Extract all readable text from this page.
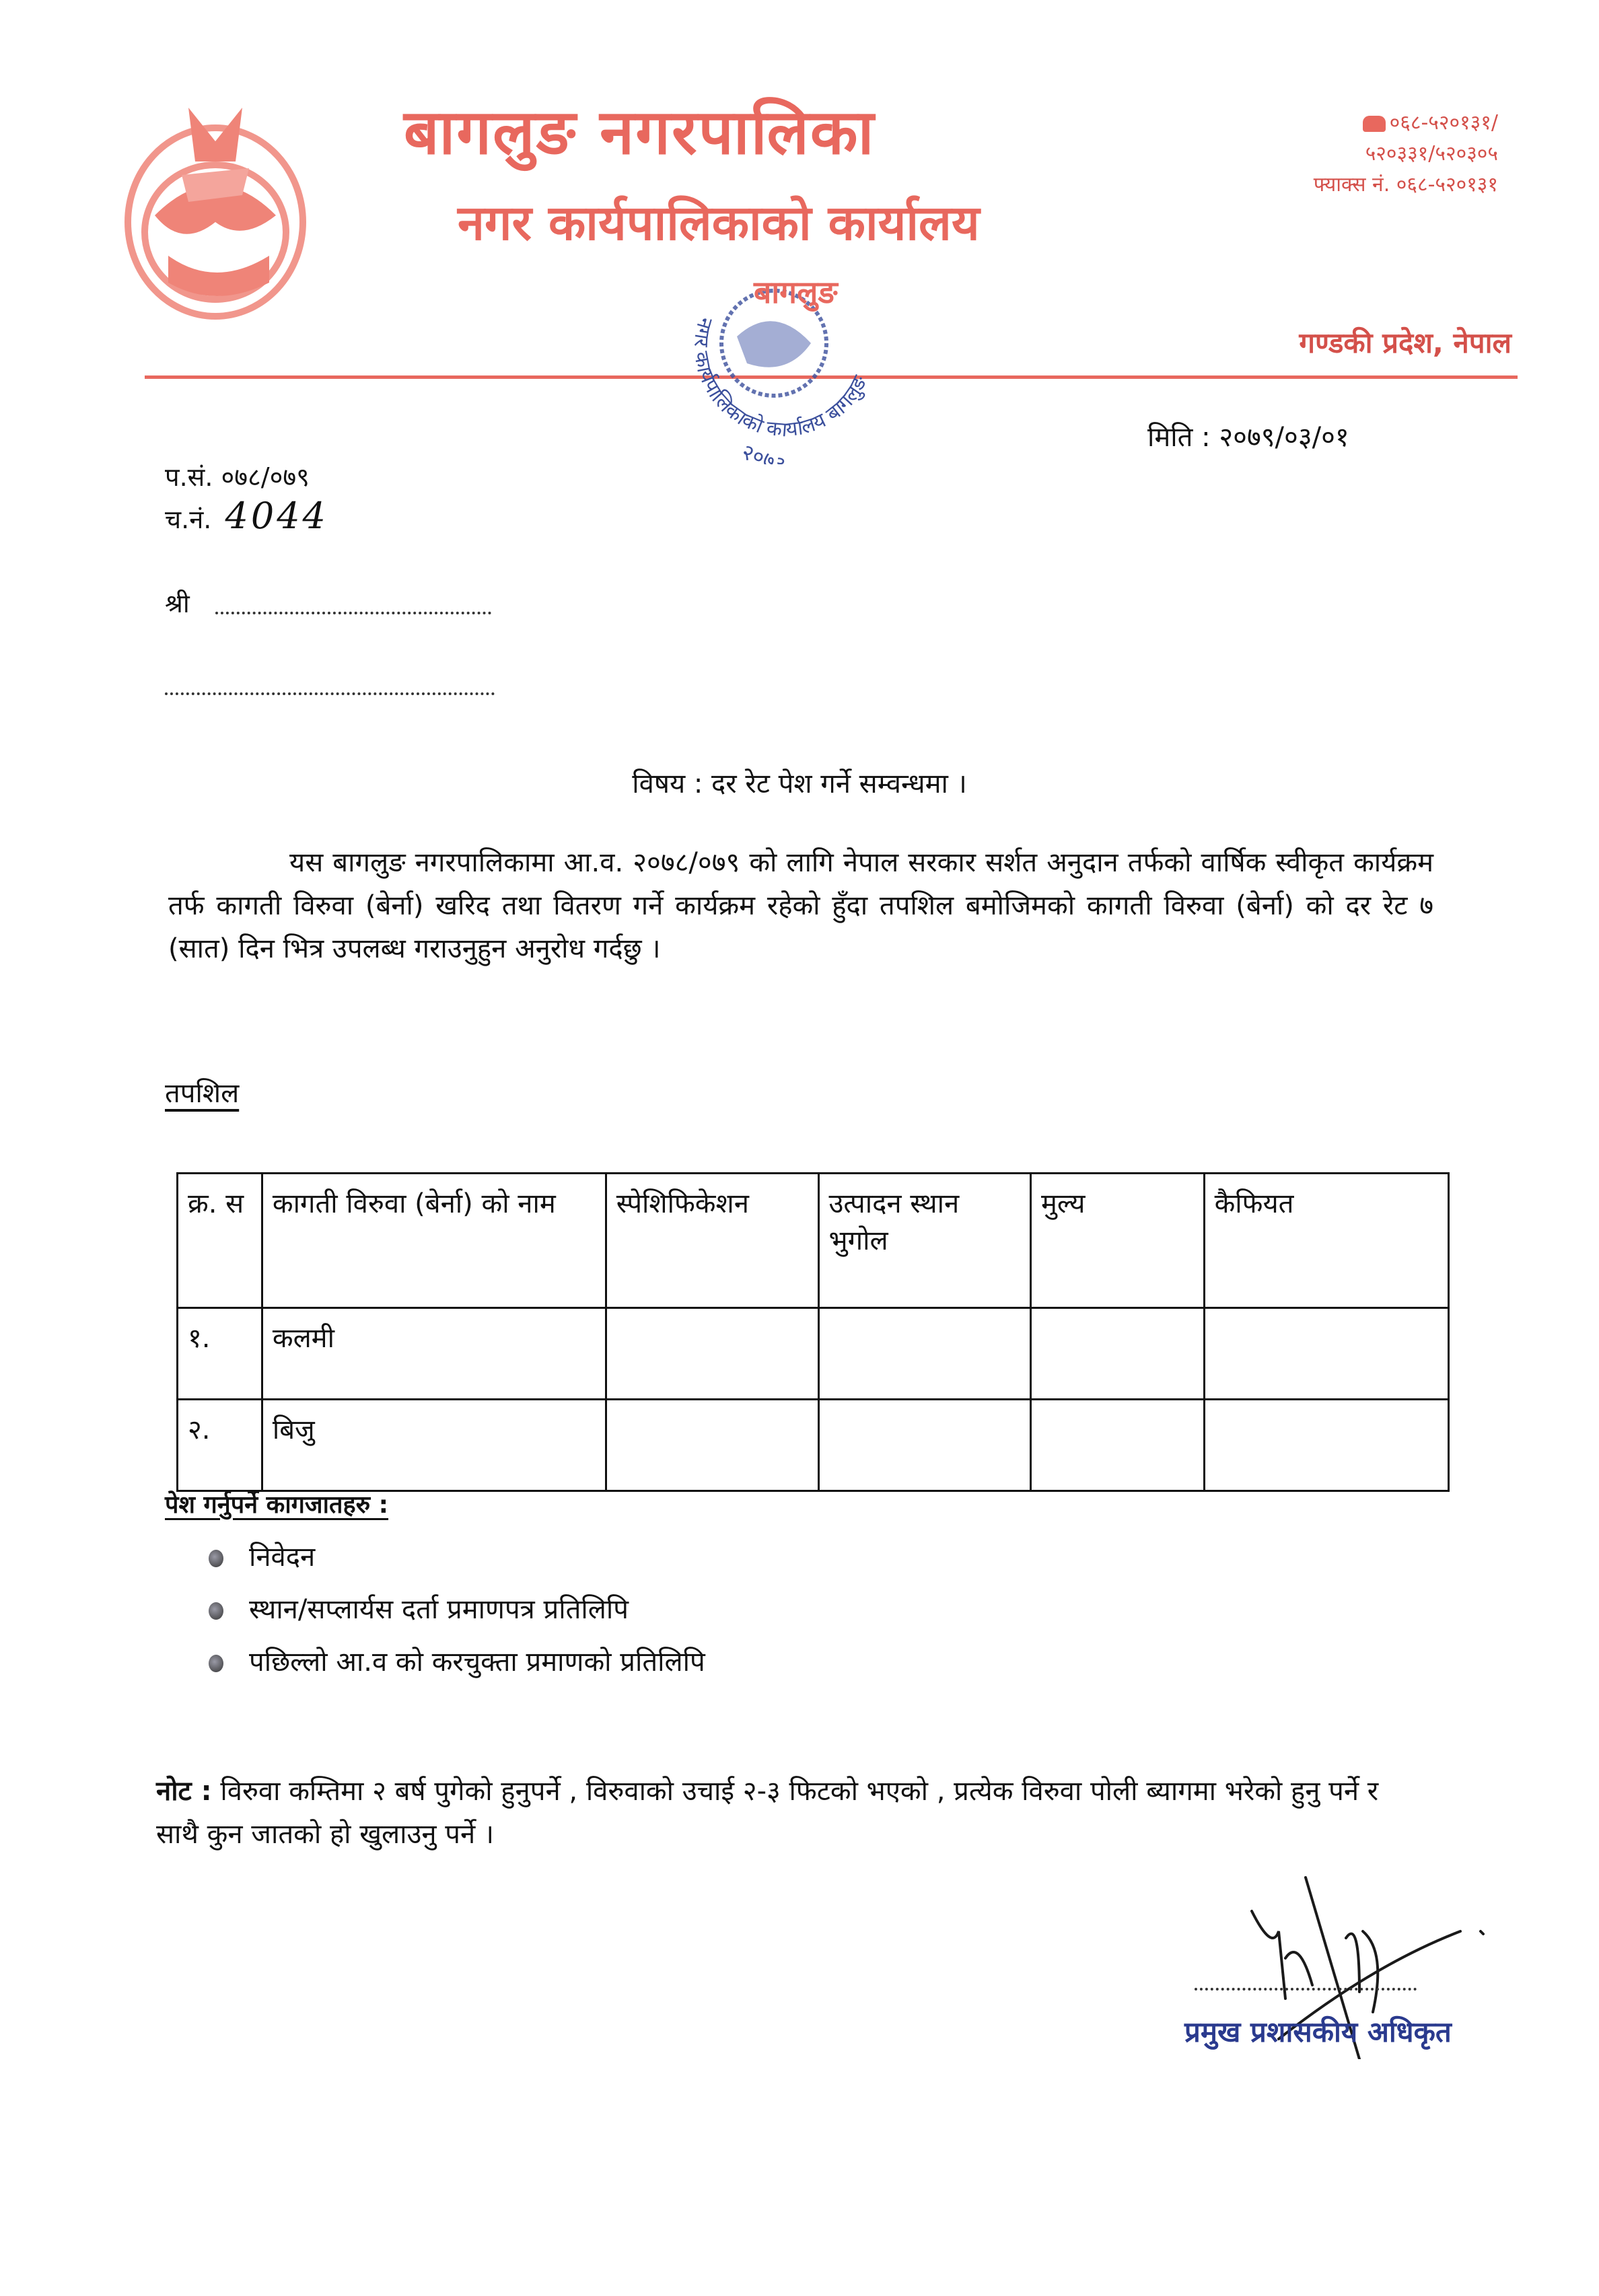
बागलुङ नगरपालिका
नगर कार्यपालिकाको कार्यालय
०६८-५२०१३१/
५२०३३१/५२०३०५
फ्याक्स नं. ०६८-५२०१३१
गण्डकी प्रदेश, नेपाल
नगर कार्यपालिकाको कार्यालय बागलुङ
२०७३
बागलुङ
मिति : २०७९/०३/०१
प.सं. ०७८/०७९
च.नं. 4044
श्री
विषय : दर रेट पेश गर्ने सम्वन्धमा ।
यस बागलुङ नगरपालिकामा आ.व. २०७८/०७९ को लागि नेपाल सरकार सर्शत अनुदान तर्फको वार्षिक स्वीकृत कार्यक्रम तर्फ कागती विरुवा (बेर्ना) खरिद तथा वितरण गर्ने कार्यक्रम रहेको हुँदा तपशिल बमोजिमको कागती विरुवा (बेर्ना) को दर रेट ७ (सात) दिन भित्र उपलब्ध गराउनुहुन अनुरोध गर्दछु ।
तपशिल
क्र. स	कागती विरुवा (बेर्ना) को नाम	स्पेशिफिकेशन	उत्पादन स्थान भुगोल	मुल्य	कैफियत
१.	कलमी				
२.	बिजु				
पेश गर्नुपर्ने कागजातहरु :
निवेदन
स्थान/सप्लार्यस दर्ता प्रमाणपत्र प्रतिलिपि
पछिल्लो आ.व को करचुक्ता प्रमाणको प्रतिलिपि
नोट : विरुवा कम्तिमा २ बर्ष पुगेको हुनुपर्ने , विरुवाको उचाई २-३ फिटको भएको , प्रत्येक विरुवा पोली ब्यागमा भरेको हुनु पर्ने र साथै कुन जातको हो खुलाउनु पर्ने ।
प्रमुख प्रशासकीय अधिकृत
